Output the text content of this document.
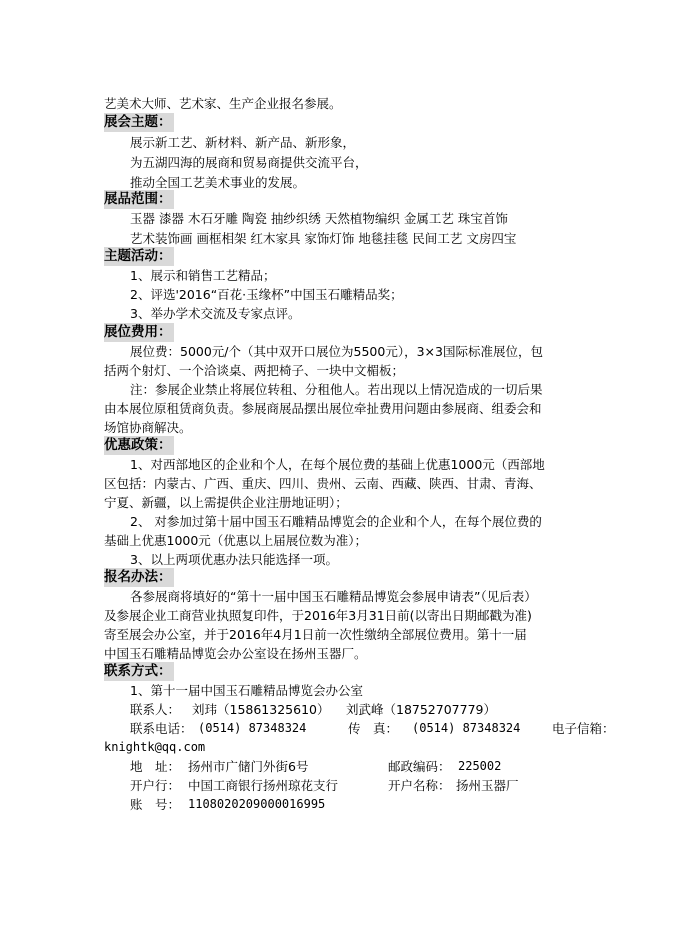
艺美术大师、艺术家、生产企业报名参展。
展会主题：
展示新工艺、新材料、新产品、新形象，
为五湖四海的展商和贸易商提供交流平台，
推动全国工艺美术事业的发展。
展品范围：
玉器 漆器 木石牙雕 陶瓷 抽纱织绣 天然植物编织 金属工艺 珠宝首饰
艺术装饰画 画框相架 红木家具 家饰灯饰 地毯挂毯 民间工艺 文房四宝
主题活动：
1、展示和销售工艺精品；
2、评选'2016“百花·玉缘杯”中国玉石雕精品奖；
3、举办学术交流及专家点评。
展位费用：
展位费：5000元/个（其中双开口展位为5500元），3×3国际标准展位，包
括两个射灯、一个洽谈桌、两把椅子、一块中文楣板；
注：参展企业禁止将展位转租、分租他人。若出现以上情况造成的一切后果
由本展位原租赁商负责。参展商展品摆出展位牵扯费用问题由参展商、组委会和
场馆协商解决。
优惠政策：
1、对西部地区的企业和个人，在每个展位费的基础上优惠1000元（西部地
区包括：内蒙古、广西、重庆、四川、贵州、云南、西藏、陕西、甘肃、青海、
宁夏、新疆，以上需提供企业注册地证明）；
2、 对参加过第十届中国玉石雕精品博览会的企业和个人，在每个展位费的
基础上优惠1000元（优惠以上届展位数为准）；
3、以上两项优惠办法只能选择一项。
报名办法：
各参展商将填好的“第十一届中国玉石雕精品博览会参展申请表”（见后表）
及参展企业工商营业执照复印件，于2016年3月31日前(以寄出日期邮戳为准)
寄至展会办公室，并于2016年4月1日前一次性缴纳全部展位费用。第十一届
中国玉石雕精品博览会办公室设在扬州玉器厂。
联系方式：
1、第十一届中国玉石雕精品博览会办公室
联系人： 刘玮（15861325610） 刘武峰（18752707779）
联系电话： (0514) 87348324	传　真： (0514) 87348324	电子信箱：
knightk@qq.com
地　址： 扬州市广储门外街6号	邮政编码： 225002
开户行： 中国工商银行扬州琼花支行	开户名称： 扬州玉器厂
账　号： 1108020209000016995
